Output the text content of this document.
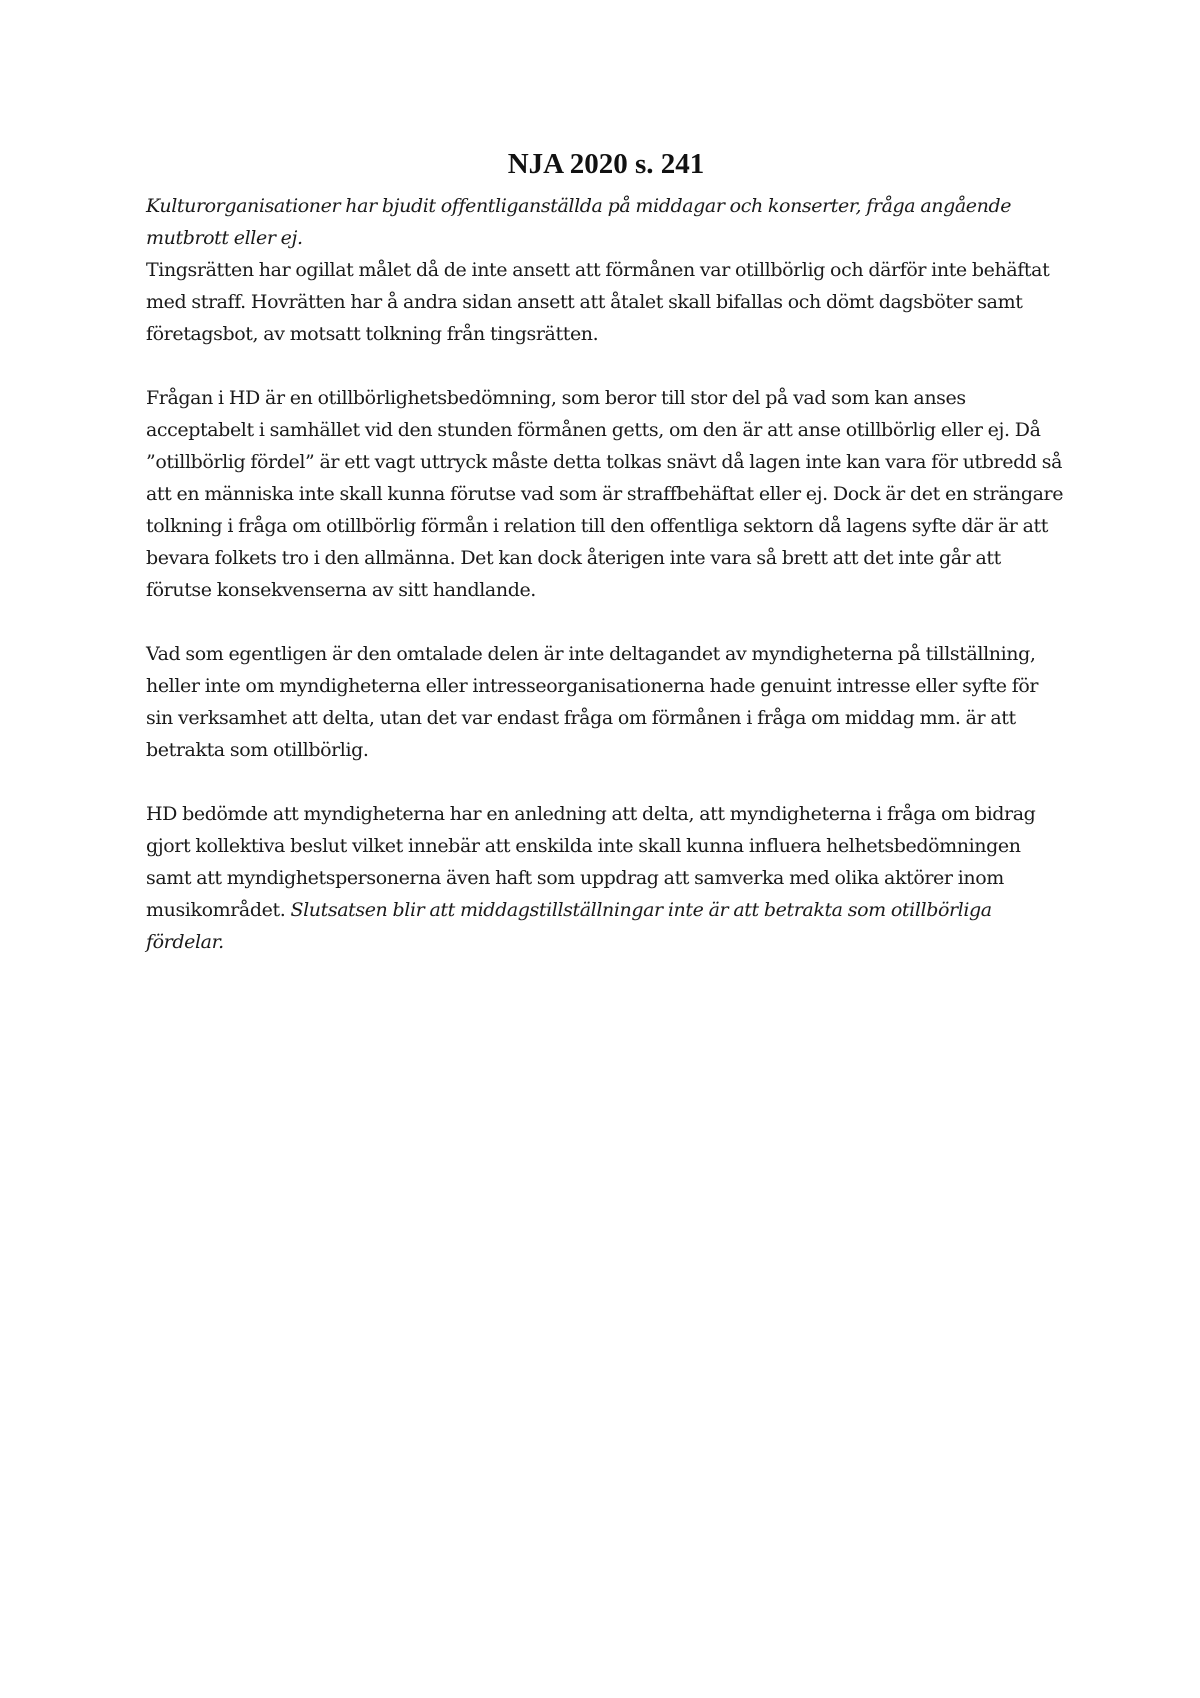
NJA 2020 s. 241

Kulturorganisationer har bjudit offentliganställda på middagar och konserter, fråga angående mutbrott eller ej.

Tingsrätten har ogillat målet då de inte ansett att förmånen var otillbörlig och därför inte behäftat med straff. Hovrätten har å andra sidan ansett att åtalet skall bifallas och dömt dagsböter samt företagsbot, av motsatt tolkning från tingsrätten.

Frågan i HD är en otillbörlighetsbedömning, som beror till stor del på vad som kan anses acceptabelt i samhället vid den stunden förmånen getts, om den är att anse otillbörlig eller ej. Då ”otillbörlig fördel” är ett vagt uttryck måste detta tolkas snävt då lagen inte kan vara för utbredd så att en människa inte skall kunna förutse vad som är straffbehäftat eller ej. Dock är det en strängare tolkning i fråga om otillbörlig förmån i relation till den offentliga sektorn då lagens syfte där är att bevara folkets tro i den allmänna. Det kan dock återigen inte vara så brett att det inte går att förutse konsekvenserna av sitt handlande.

Vad som egentligen är den omtalade delen är inte deltagandet av myndigheterna på tillställning, heller inte om myndigheterna eller intresseorganisationerna hade genuint intresse eller syfte för sin verksamhet att delta, utan det var endast fråga om förmånen i fråga om middag mm. är att betrakta som otillbörlig.

HD bedömde att myndigheterna har en anledning att delta, att myndigheterna i fråga om bidrag gjort kollektiva beslut vilket innebär att enskilda inte skall kunna influera helhetsbedömningen samt att myndighetspersonerna även haft som uppdrag att samverka med olika aktörer inom musikområdet. Slutsatsen blir att middagstillställningar inte är att betrakta som otillbörliga fördelar.
